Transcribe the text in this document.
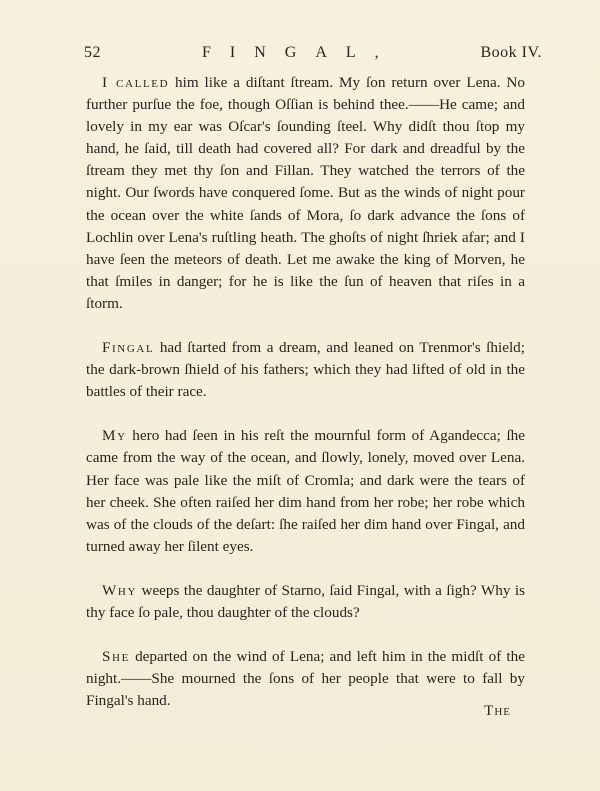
52	FINGAL,	Book IV.

I called him like a diſtant ſtream. My ſon return over Lena. No further purſue the foe, though Oſſian is behind thee.——He came; and lovely in my ear was Oſcar's ſounding ſteel. Why didſt thou ſtop my hand, he ſaid, till death had covered all? For dark and dreadful by the ſtream they met thy ſon and Fillan. They watched the terrors of the night. Our ſwords have conquered ſome. But as the winds of night pour the ocean over the white ſands of Mora, ſo dark advance the ſons of Lochlin over Lena's ruſtling heath. The ghoſts of night ſhriek afar; and I have ſeen the meteors of death. Let me awake the king of Morven, he that ſmiles in danger; for he is like the ſun of heaven that riſes in a ſtorm.

Fingal had ſtarted from a dream, and leaned on Trenmor's ſhield; the dark-brown ſhield of his fathers; which they had lifted of old in the battles of their race.

My hero had ſeen in his reſt the mournful form of Agandecca; ſhe came from the way of the ocean, and ſlowly, lonely, moved over Lena. Her face was pale like the miſt of Cromla; and dark were the tears of her cheek. She often raiſed her dim hand from her robe; her robe which was of the clouds of the deſart: ſhe raiſed her dim hand over Fingal, and turned away her ſilent eyes.

Why weeps the daughter of Starno, ſaid Fingal, with a ſigh? Why is thy face ſo pale, thou daughter of the clouds?

She departed on the wind of Lena; and left him in the midſt of the night.——She mourned the ſons of her people that were to fall by Fingal's hand.

The
